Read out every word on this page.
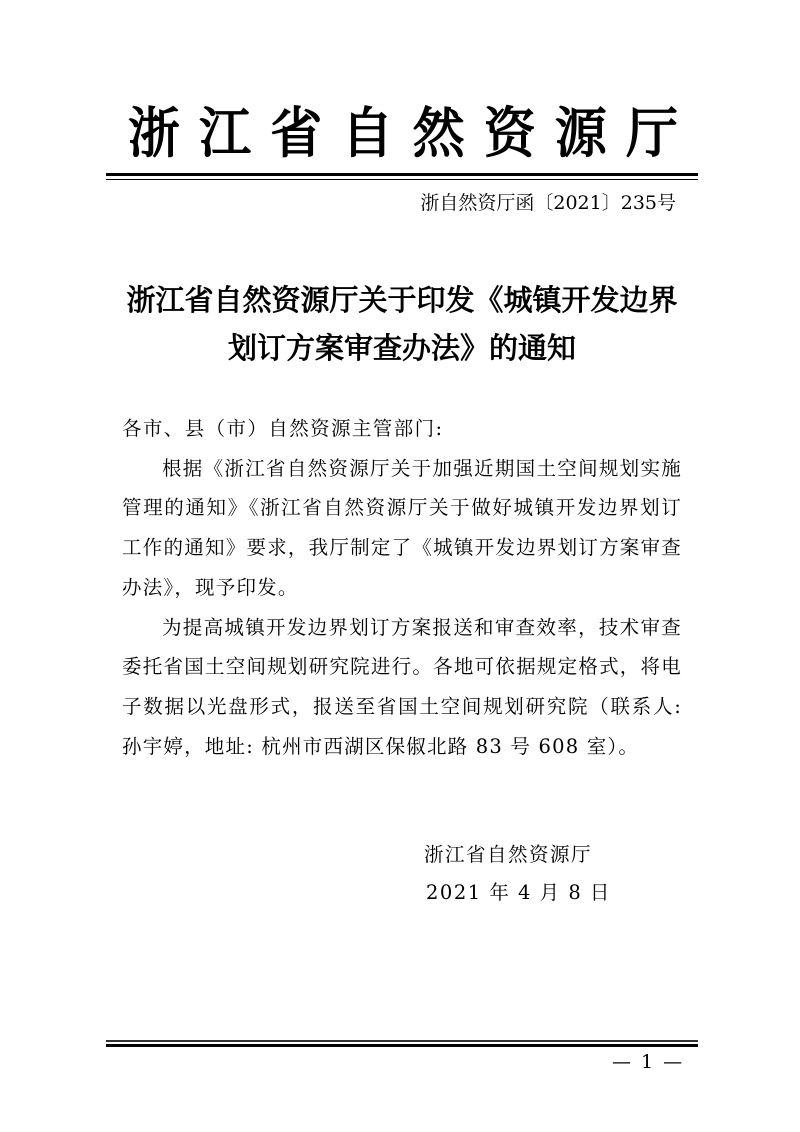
浙 江 省 自 然 资 源 厅
浙自然资厅函〔2021〕235号
浙江省自然资源厅关于印发《城镇开发边界
划订方案审查办法》的通知

各市、县（市）自然资源主管部门:

根据《浙江省自然资源厅关于加强近期国土空间规划实施管理的通知》《浙江省自然资源厅关于做好城镇开发边界划订工作的通知》要求，我厅制定了《城镇开发边界划订方案审查办法》，现予印发。

为提高城镇开发边界划订方案报送和审查效率，技术审查委托省国土空间规划研究院进行。各地可依据规定格式，将电子数据以光盘形式，报送至省国土空间规划研究院（联系人: 孙宇婷，地址: 杭州市西湖区保俶北路 83 号 608 室）。

浙江省自然资源厅
2021 年 4 月 8 日
— 1 —
